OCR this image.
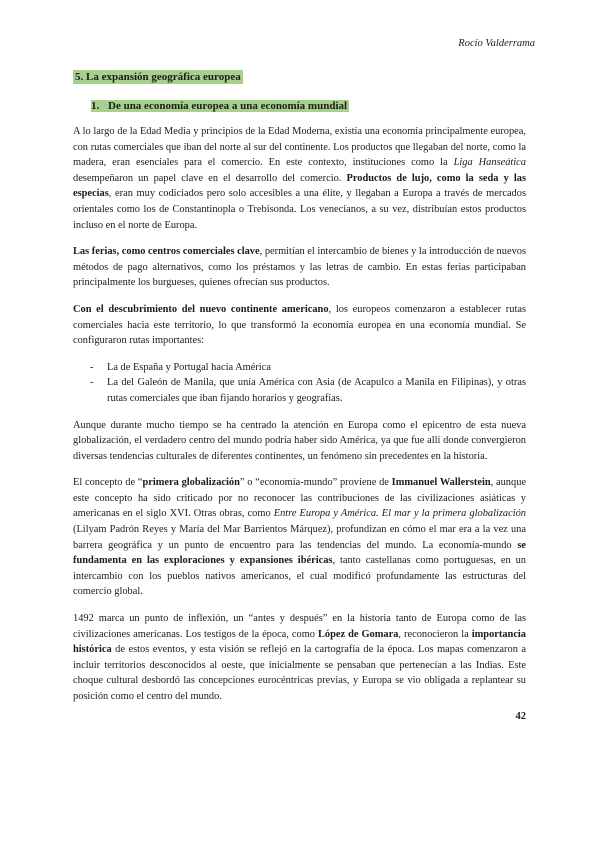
Rocío Valderrama
5. La expansión geográfica europea
1. De una economía europea a una economía mundial

A lo largo de la Edad Media y principios de la Edad Moderna, existía una economía principalmente europea, con rutas comerciales que iban del norte al sur del continente. Los productos que llegaban del norte, como la madera, eran esenciales para el comercio. En este contexto, instituciones como la Liga Hanseática desempeñaron un papel clave en el desarrollo del comercio. Productos de lujo, como la seda y las especias, eran muy codiciados pero solo accesibles a una élite, y llegaban a Europa a través de mercados orientales como los de Constantinopla o Trebisonda. Los venecianos, a su vez, distribuían estos productos incluso en el norte de Europa.

Las ferias, como centros comerciales clave, permitían el intercambio de bienes y la introducción de nuevos métodos de pago alternativos, como los préstamos y las letras de cambio. En estas ferias participaban principalmente los burgueses, quienes ofrecían sus productos.

Con el descubrimiento del nuevo continente americano, los europeos comenzaron a establecer rutas comerciales hacia este territorio, lo que transformó la economía europea en una economía mundial. Se configuraron rutas importantes:

- La de España y Portugal hacia América
- La del Galeón de Manila, que unía América con Asia (de Acapulco a Manila en Filipinas), y otras rutas comerciales que iban fijando horarios y geografías.

Aunque durante mucho tiempo se ha centrado la atención en Europa como el epicentro de esta nueva globalización, el verdadero centro del mundo podría haber sido América, ya que fue allí donde convergieron diversas tendencias culturales de diferentes continentes, un fenómeno sin precedentes en la historia.

El concepto de “primera globalización” o “economía-mundo” proviene de Immanuel Wallerstein, aunque este concepto ha sido criticado por no reconocer las contribuciones de las civilizaciones asiáticas y americanas en el siglo XVI. Otras obras, como Entre Europa y América. El mar y la primera globalización (Lilyam Padrón Reyes y María del Mar Barrientos Márquez), profundizan en cómo el mar era a la vez una barrera geográfica y un punto de encuentro para las tendencias del mundo. La economía-mundo se fundamenta en las exploraciones y expansiones ibéricas, tanto castellanas como portuguesas, en un intercambio con los pueblos nativos americanos, el cual modificó profundamente las estructuras del comercio global.

1492 marca un punto de inflexión, un “antes y después” en la historia tanto de Europa como de las civilizaciones americanas. Los testigos de la época, como López de Gomara, reconocieron la importancia histórica de estos eventos, y esta visión se reflejó en la cartografía de la época. Los mapas comenzaron a incluir territorios desconocidos al oeste, que inicialmente se pensaban que pertenecían a las Indias. Este choque cultural desbordó las concepciones eurocéntricas previas, y Europa se vio obligada a replantear su posición como el centro del mundo.

42
